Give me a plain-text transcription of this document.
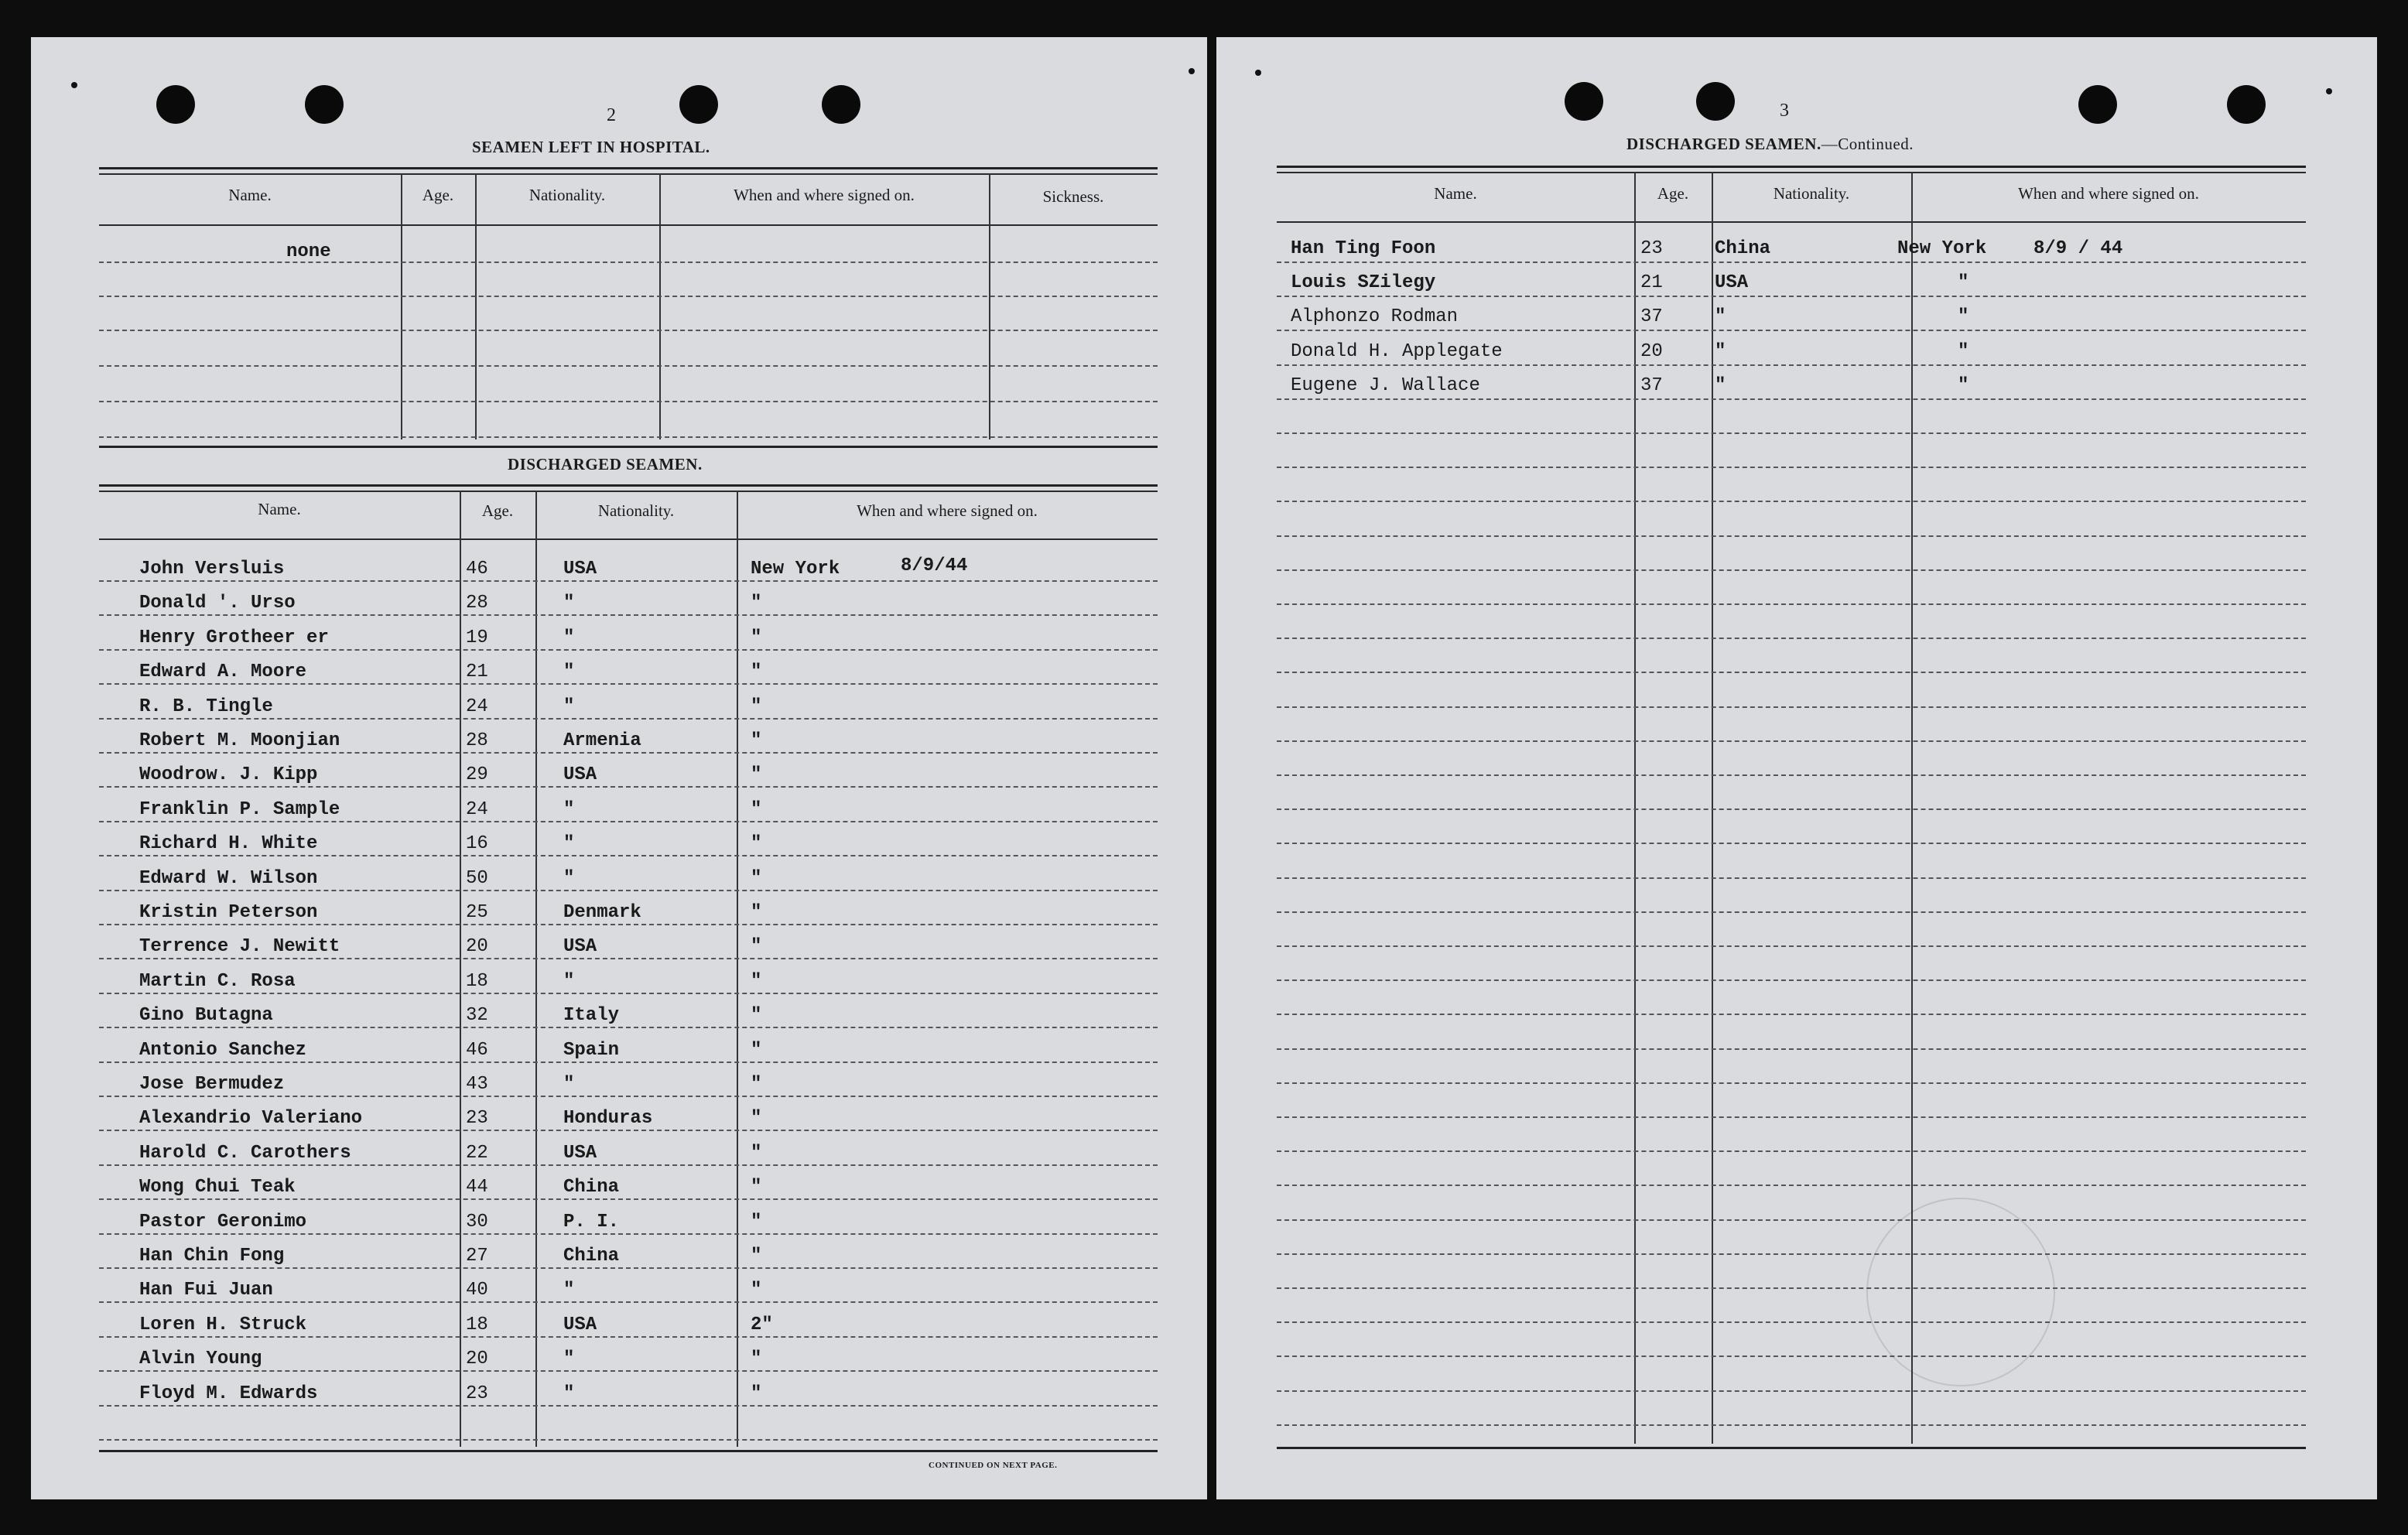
2
SEAMEN LEFT IN HOSPITAL.
Name.	Age.	Nationality.	When and where signed on.	Sickness.
none
DISCHARGED SEAMEN.
Name.	Age.	Nationality.	When and where signed on.
John Versluis	46	USA	New York	8/9/44
Donald '. Urso	28	"	"
Henry Grotheer er	19	"	"
Edward A. Moore	21	"	"
R. B. Tingle	24	"	"
Robert M. Moonjian	28	Armenia	"
Woodrow. J. Kipp	29	USA	"
Franklin P. Sample	24	"	"
Richard H. White	16	"	"
Edward W. Wilson	50	"	"
Kristin Peterson	25	Denmark	"
Terrence J. Newitt	20	USA	"
Martin C. Rosa	18	"	"
Gino Butagna	32	Italy	"
Antonio Sanchez	46	Spain	"
Jose Bermudez	43	"	"
Alexandrio Valeriano	23	Honduras	"
Harold C. Carothers	22	USA	"
Wong Chui Teak	44	China	"
Pastor Geronimo	30	P. I.	"
Han Chin Fong	27	China	"
Han Fui Juan	40	"	"
Loren H. Struck	18	USA	2"
Alvin Young	20	"	"
Floyd M. Edwards	23	"	"
CONTINUED ON NEXT PAGE.
3
DISCHARGED SEAMEN.—Continued.
Name.	Age.	Nationality.	When and where signed on.
Han Ting Foon	23	China	New York	8/9 / 44
Louis SZilegy	21	USA	"
Alphonzo Rodman	37	"	"
Donald H. Applegate	20	"	"
Eugene J. Wallace	37	"	"
